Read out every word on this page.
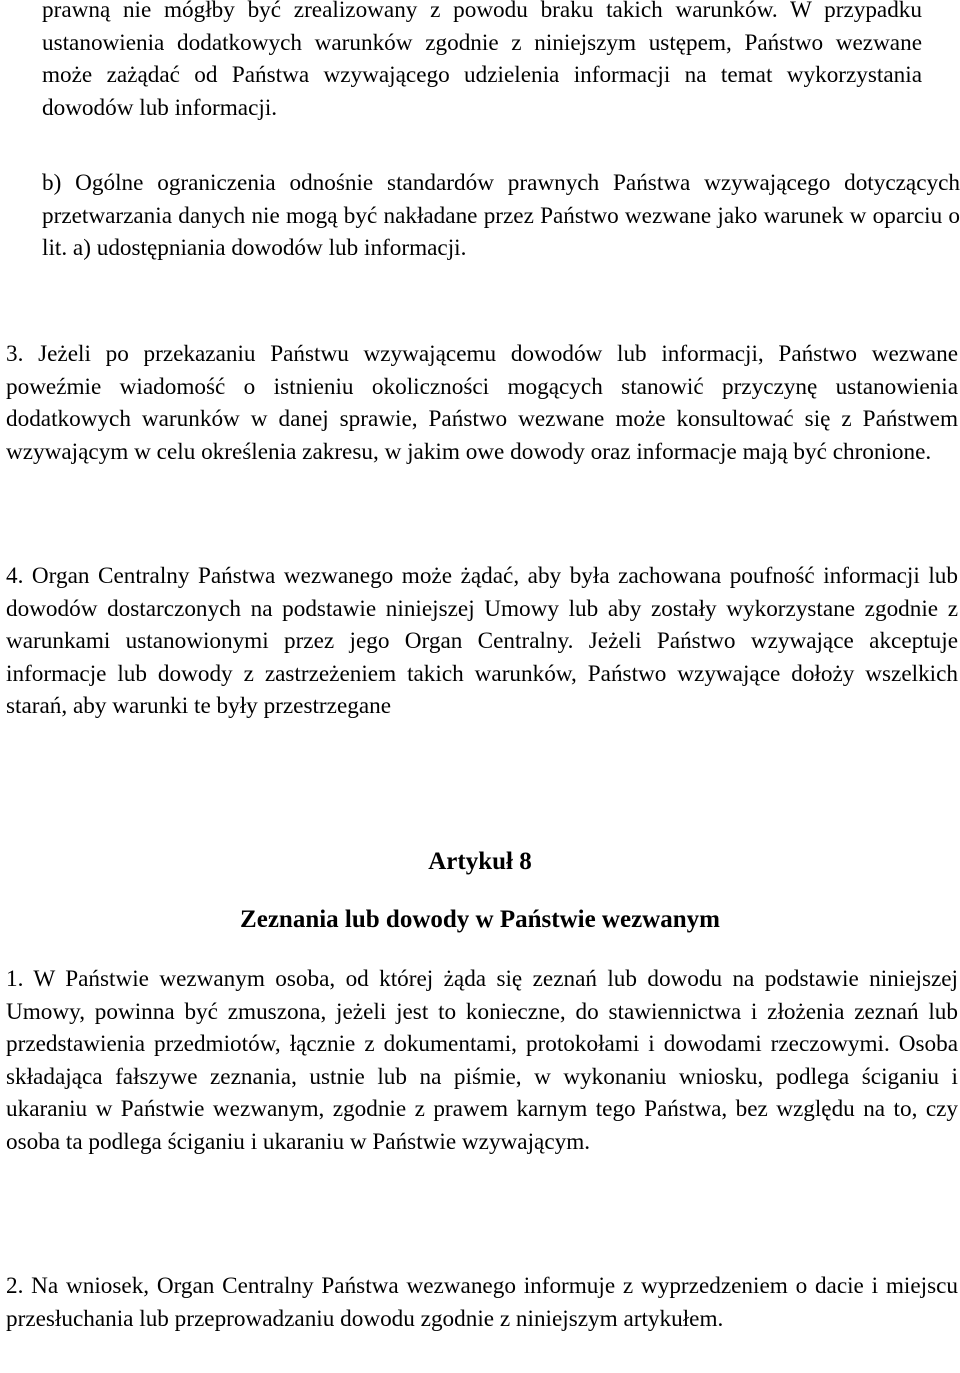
prawną nie mógłby być zrealizowany z powodu braku takich warunków. W przypadku ustanowienia dodatkowych warunków zgodnie z niniejszym ustępem, Państwo wezwane może zażądać od Państwa wzywającego udzielenia informacji na temat wykorzystania dowodów lub informacji.

b) Ogólne ograniczenia odnośnie standardów prawnych Państwa wzywającego dotyczących przetwarzania danych nie mogą być nakładane przez Państwo wezwane jako warunek w oparciu o lit. a) udostępniania dowodów lub informacji.

3. Jeżeli po przekazaniu Państwu wzywającemu dowodów lub informacji, Państwo wezwane poweźmie wiadomość o istnieniu okoliczności mogących stanowić przyczynę ustanowienia dodatkowych warunków w danej sprawie, Państwo wezwane może konsultować się z Państwem wzywającym w celu określenia zakresu, w jakim owe dowody oraz informacje mają być chronione.

4. Organ Centralny Państwa wezwanego może żądać, aby była zachowana poufność informacji lub dowodów dostarczonych na podstawie niniejszej Umowy lub aby zostały wykorzystane zgodnie z warunkami ustanowionymi przez jego Organ Centralny. Jeżeli Państwo wzywające akceptuje informacje lub dowody z zastrzeżeniem takich warunków, Państwo wzywające dołoży wszelkich starań, aby warunki te były przestrzegane

Artykuł 8
Zeznania lub dowody w Państwie wezwanym

1. W Państwie wezwanym osoba, od której żąda się zeznań lub dowodu na podstawie niniejszej Umowy, powinna być zmuszona, jeżeli jest to konieczne, do stawiennictwa i złożenia zeznań lub przedstawienia przedmiotów, łącznie z dokumentami, protokołami i dowodami rzeczowymi. Osoba składająca fałszywe zeznania, ustnie lub na piśmie, w wykonaniu wniosku, podlega ściganiu i ukaraniu w Państwie wezwanym, zgodnie z prawem karnym tego Państwa, bez względu na to, czy osoba ta podlega ściganiu i ukaraniu w Państwie wzywającym.

2. Na wniosek, Organ Centralny Państwa wezwanego informuje z wyprzedzeniem o dacie i miejscu przesłuchania lub przeprowadzaniu dowodu zgodnie z niniejszym artykułem.
